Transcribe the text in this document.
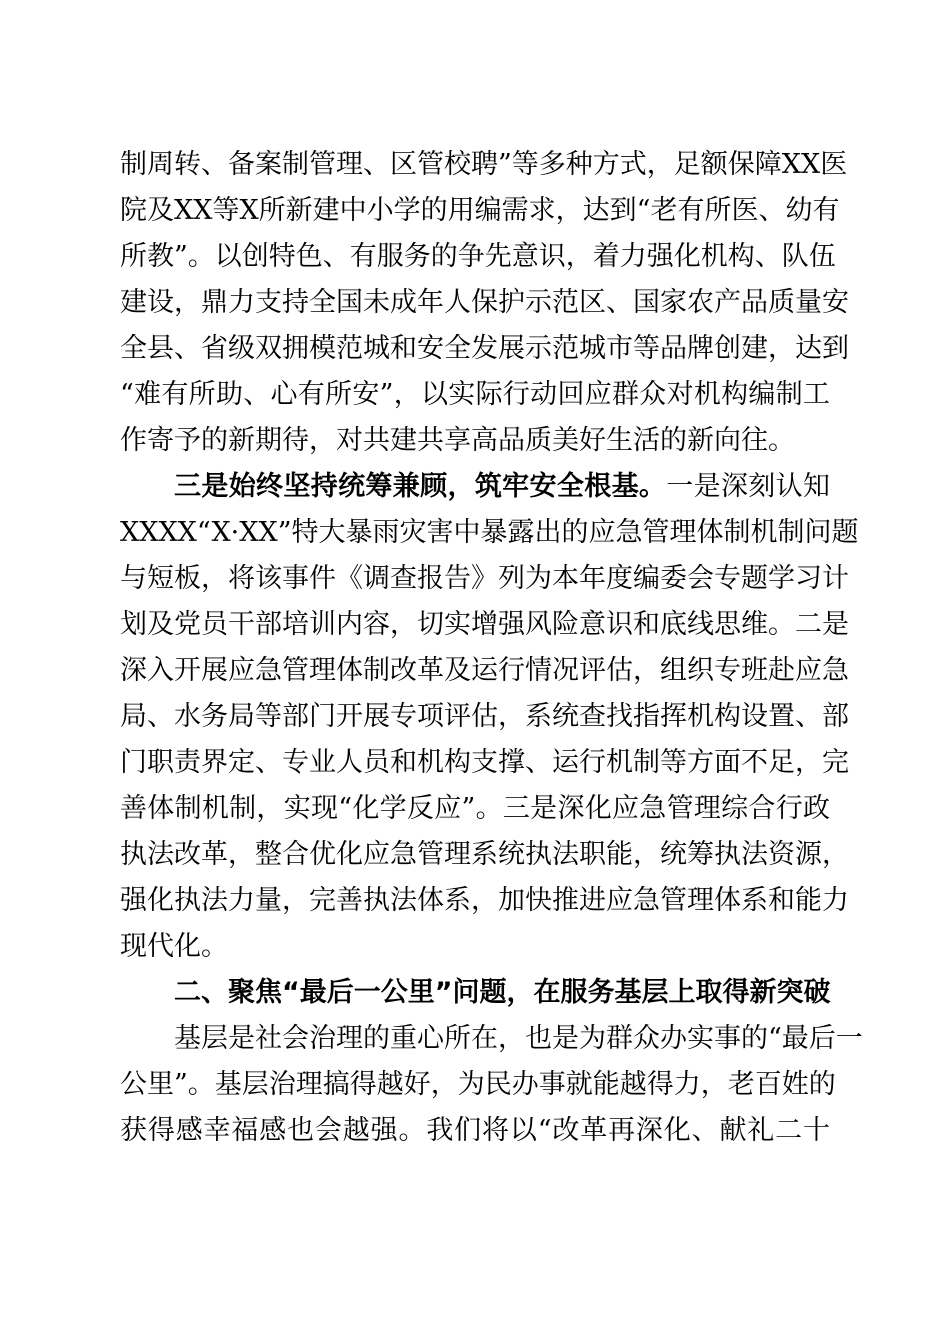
制周转、备案制管理、区管校聘”等多种方式，足额保障XX医
院及XX等X所新建中小学的用编需求，达到“老有所医、幼有
所教”。以创特色、有服务的争先意识，着力强化机构、队伍
建设，鼎力支持全国未成年人保护示范区、国家农产品质量安
全县、省级双拥模范城和安全发展示范城市等品牌创建，达到
“难有所助、心有所安”，以实际行动回应群众对机构编制工
作寄予的新期待，对共建共享高品质美好生活的新向往。
三是始终坚持统筹兼顾，筑牢安全根基。一是深刻认知
XXXX“X·XX”特大暴雨灾害中暴露出的应急管理体制机制问题
与短板，将该事件《调查报告》列为本年度编委会专题学习计
划及党员干部培训内容，切实增强风险意识和底线思维。二是
深入开展应急管理体制改革及运行情况评估，组织专班赴应急
局、水务局等部门开展专项评估，系统查找指挥机构设置、部
门职责界定、专业人员和机构支撑、运行机制等方面不足，完
善体制机制，实现“化学反应”。三是深化应急管理综合行政
执法改革，整合优化应急管理系统执法职能，统筹执法资源，
强化执法力量，完善执法体系，加快推进应急管理体系和能力
现代化。
二、聚焦“最后一公里”问题，在服务基层上取得新突破
基层是社会治理的重心所在，也是为群众办实事的“最后一
公里”。基层治理搞得越好，为民办事就能越得力，老百姓的
获得感幸福感也会越强。我们将以“改革再深化、献礼二十
